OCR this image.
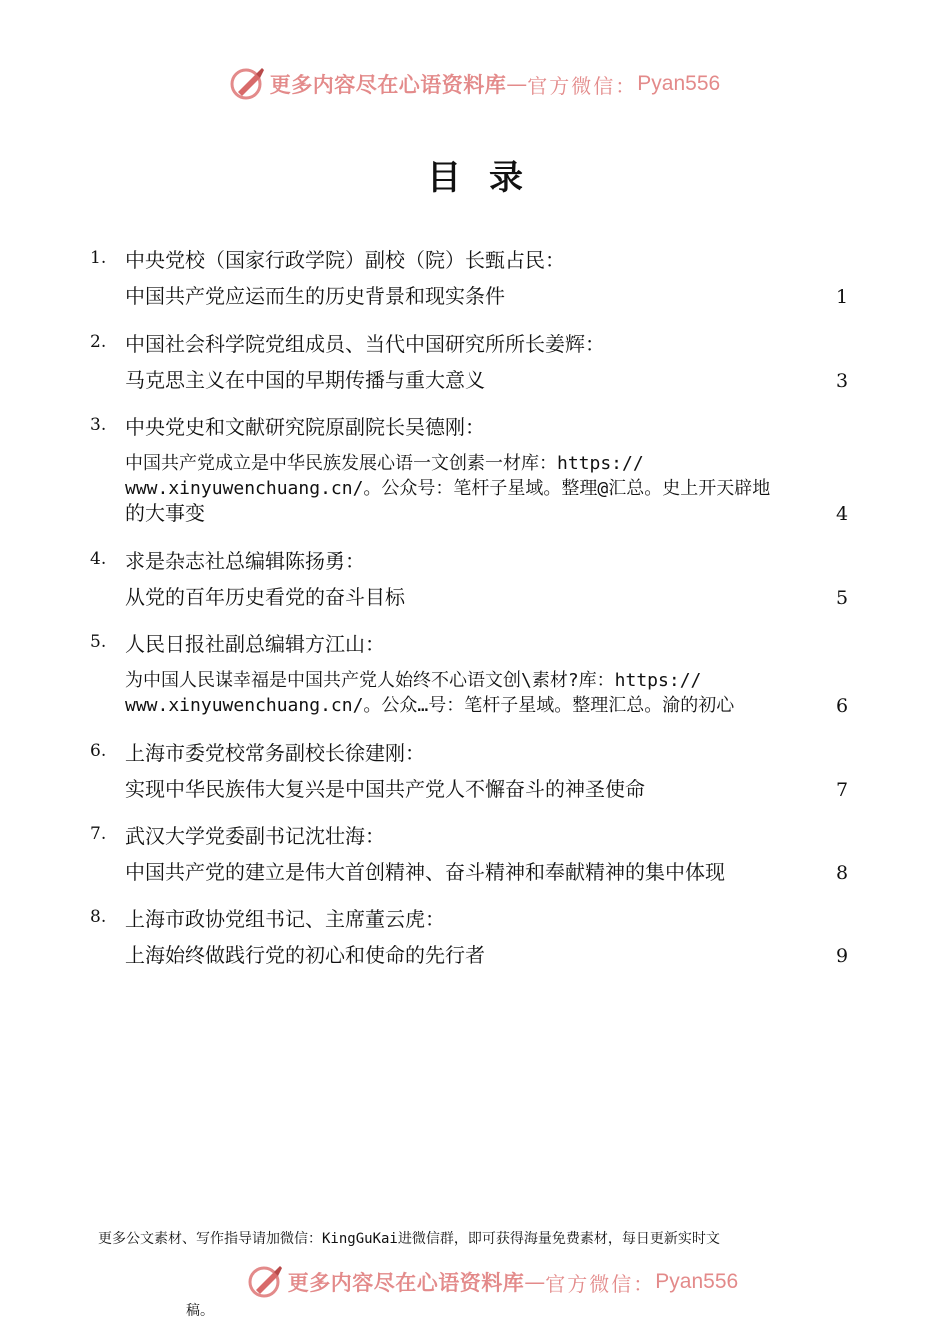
更多内容尽在心语资料库 — 官方微信： Pyan556
目录
1. 中央党校（国家行政学院）副校（院）长甄占民：
中国共产党应运而生的历史背景和现实条件	1
2. 中国社会科学院党组成员、当代中国研究所所长姜辉：
马克思主义在中国的早期传播与重大意义	3
3. 中央党史和文献研究院原副院长吴德刚：
中国共产党成立是中华民族发展心语一文创素一材库：https://
www.xinyuwenchuang.cn/。公众号：笔杆子星域。整理@汇总。史上开天辟地
的大事变	4
4. 求是杂志社总编辑陈扬勇：
从党的百年历史看党的奋斗目标	5
5. 人民日报社副总编辑方江山：
为中国人民谋幸福是中国共产党人始终不心语文创\素材?库：https://
www.xinyuwenchuang.cn/。公众…号：笔杆子星域。整理汇总。渝的初心	6
6. 上海市委党校常务副校长徐建刚：
实现中华民族伟大复兴是中国共产党人不懈奋斗的神圣使命	7
7. 武汉大学党委副书记沈壮海：
中国共产党的建立是伟大首创精神、奋斗精神和奉献精神的集中体现	8
8. 上海市政协党组书记、主席董云虎：
上海始终做践行党的初心和使命的先行者	9
更多公文素材、写作指导请加微信：KingGuKai进微信群，即可获得海量免费素材，每日更新实时文
更多内容尽在心语资料库 — 官方微信： Pyan556
稿。
